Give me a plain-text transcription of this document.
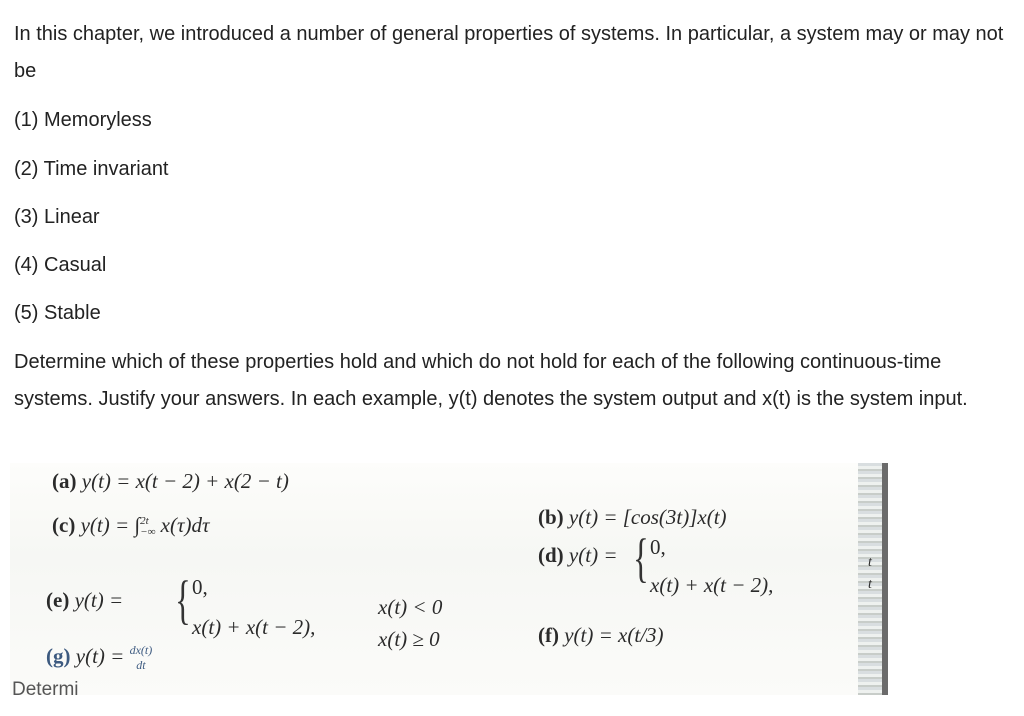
In this chapter, we introduced a number of general properties of systems. In particular, a system may or may not be

(1) Memoryless

(2) Time invariant

(3) Linear

(4) Casual

(5) Stable

Determine which of these properties hold and which do not hold for each of the following continuous-time systems. Justify your answers. In each example, y(t) denotes the system output and x(t) is the system input.

(a) y(t) = x(t − 2) + x(2 − t)
(c) y(t) = ∫ 2t
−∞ x(τ)dτ	(b) y(t) = [cos(3t)]x(t)
(d) y(t) = { 0,
x(t) + x(t − 2),
t
t
(e) y(t) = { 0,
x(t) + x(t − 2),
x(t) < 0
x(t) ≥ 0	(f) y(t) = x(t/3)
(g) y(t) = dx(t)
dt
Determi
